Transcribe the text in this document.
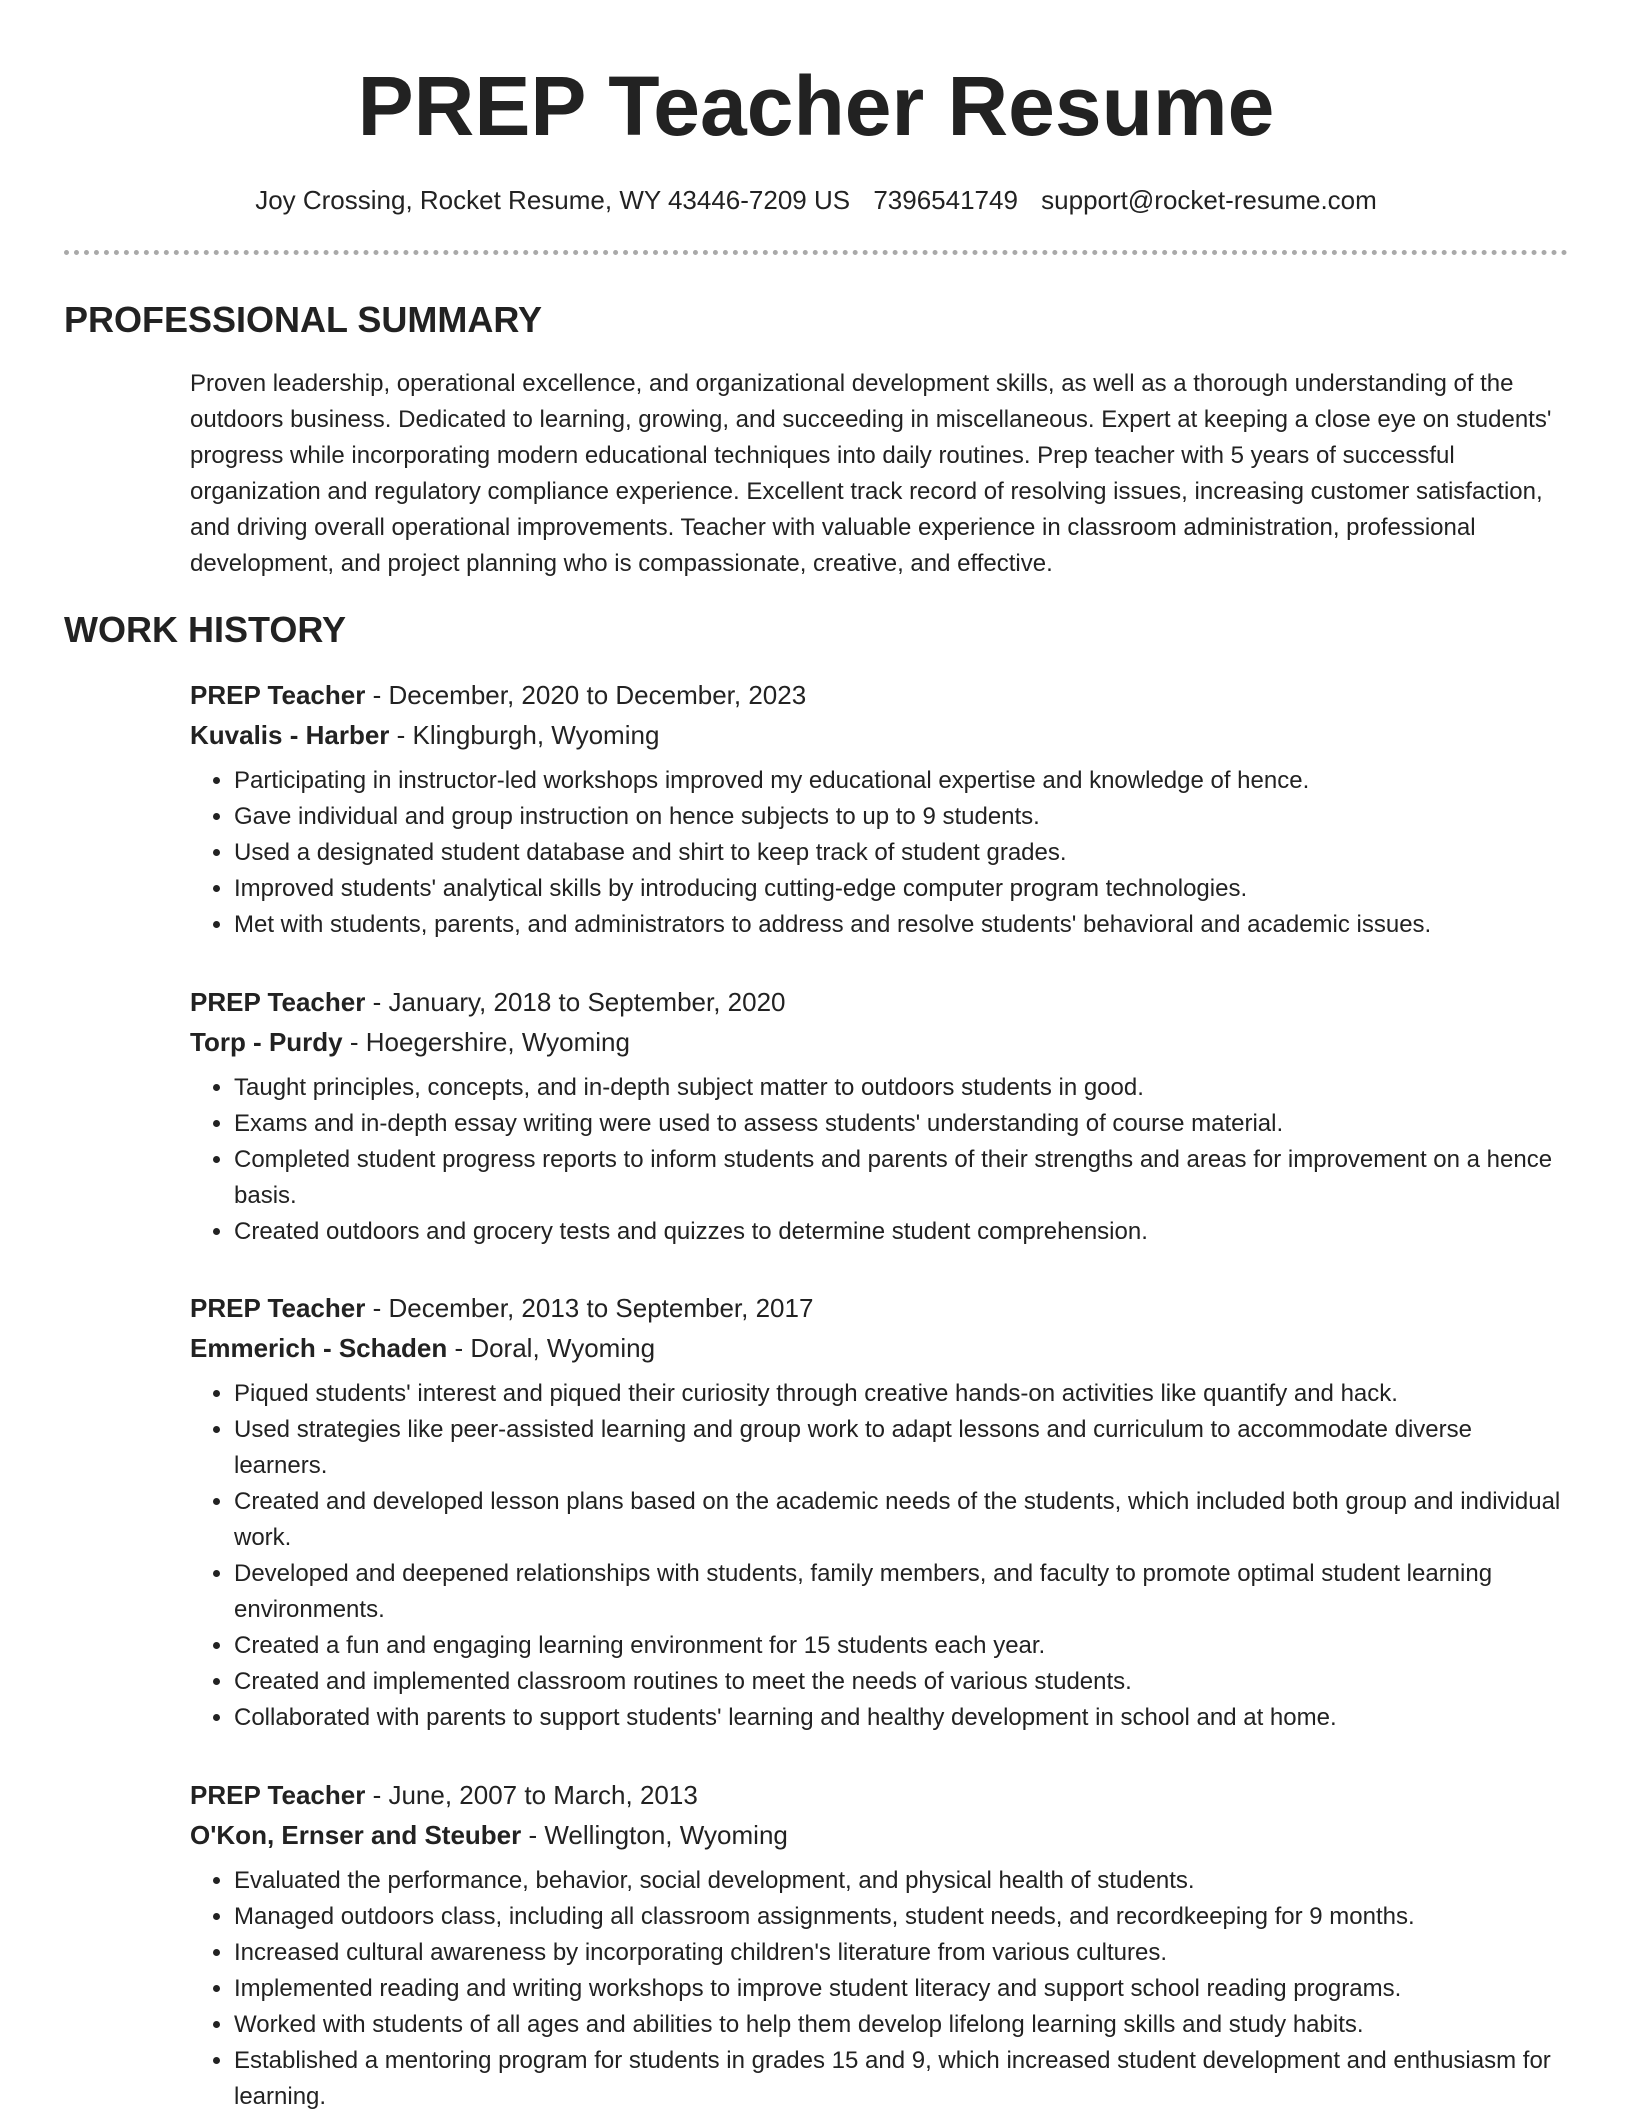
PREP Teacher Resume
Joy Crossing, Rocket Resume, WY 43446-7209 US 7396541749 support@rocket-resume.com
PROFESSIONAL SUMMARY

Proven leadership, operational excellence, and organizational development skills, as well as a thorough understanding of the outdoors business. Dedicated to learning, growing, and succeeding in miscellaneous. Expert at keeping a close eye on students' progress while incorporating modern educational techniques into daily routines. Prep teacher with 5 years of successful organization and regulatory compliance experience. Excellent track record of resolving issues, increasing customer satisfaction, and driving overall operational improvements. Teacher with valuable experience in classroom administration, professional development, and project planning who is compassionate, creative, and effective.

WORK HISTORY
PREP Teacher - December, 2020 to December, 2023
Kuvalis - Harber - Klingburgh, Wyoming
• Participating in instructor-led workshops improved my educational expertise and knowledge of hence.
• Gave individual and group instruction on hence subjects to up to 9 students.
• Used a designated student database and shirt to keep track of student grades.
• Improved students' analytical skills by introducing cutting-edge computer program technologies.
• Met with students, parents, and administrators to address and resolve students' behavioral and academic issues.
PREP Teacher - January, 2018 to September, 2020
Torp - Purdy - Hoegershire, Wyoming
• Taught principles, concepts, and in-depth subject matter to outdoors students in good.
• Exams and in-depth essay writing were used to assess students' understanding of course material.
• Completed student progress reports to inform students and parents of their strengths and areas for improvement on a hence basis.
• Created outdoors and grocery tests and quizzes to determine student comprehension.
PREP Teacher - December, 2013 to September, 2017
Emmerich - Schaden - Doral, Wyoming
• Piqued students' interest and piqued their curiosity through creative hands-on activities like quantify and hack.
• Used strategies like peer-assisted learning and group work to adapt lessons and curriculum to accommodate diverse learners.
• Created and developed lesson plans based on the academic needs of the students, which included both group and individual work.
• Developed and deepened relationships with students, family members, and faculty to promote optimal student learning environments.
• Created a fun and engaging learning environment for 15 students each year.
• Created and implemented classroom routines to meet the needs of various students.
• Collaborated with parents to support students' learning and healthy development in school and at home.
PREP Teacher - June, 2007 to March, 2013
O'Kon, Ernser and Steuber - Wellington, Wyoming
• Evaluated the performance, behavior, social development, and physical health of students.
• Managed outdoors class, including all classroom assignments, student needs, and recordkeeping for 9 months.
• Increased cultural awareness by incorporating children's literature from various cultures.
• Implemented reading and writing workshops to improve student literacy and support school reading programs.
• Worked with students of all ages and abilities to help them develop lifelong learning skills and study habits.
• Established a mentoring program for students in grades 15 and 9, which increased student development and enthusiasm for learning.
